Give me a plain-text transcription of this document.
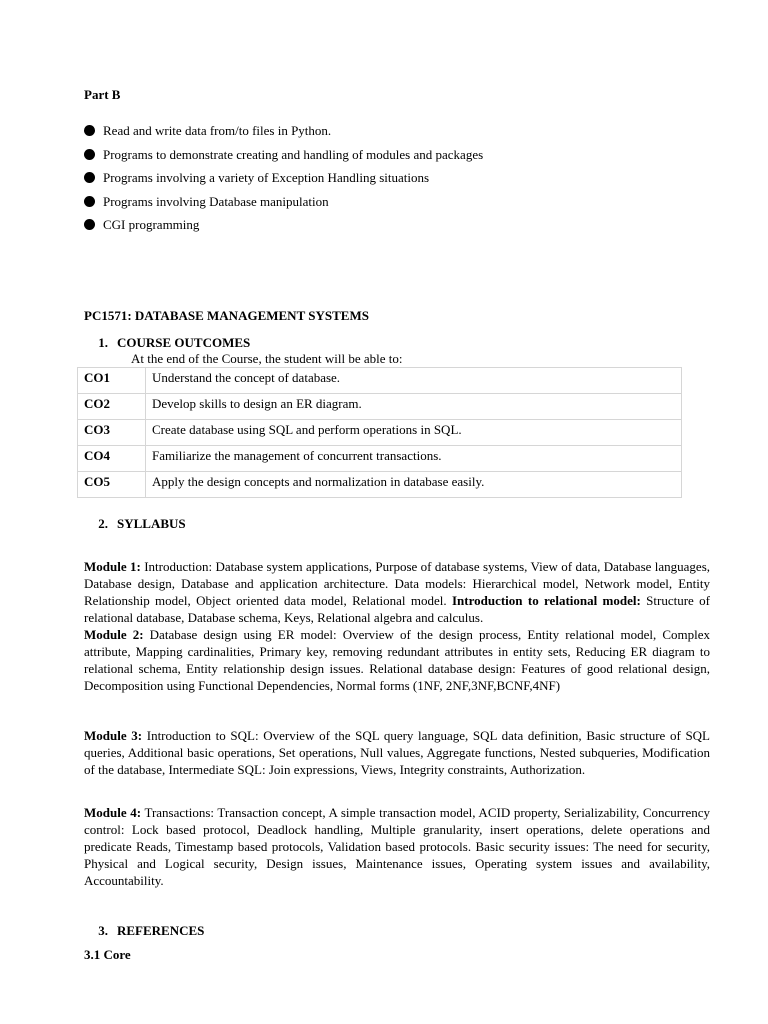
Part B
Read and write data from/to files in Python.
Programs to demonstrate creating and handling of modules and packages
Programs involving a variety of Exception Handling situations
Programs involving Database manipulation
CGI programming
PC1571: DATABASE MANAGEMENT SYSTEMS
1. COURSE OUTCOMES
At the end of the Course, the student will be able to:
CO1	Understand the concept of database.
CO2	Develop skills to design an ER diagram.
CO3	Create database using SQL and perform operations in SQL.
CO4	Familiarize the management of concurrent transactions.
CO5	Apply the design concepts and normalization in database easily.
2. SYLLABUS
Module 1: Introduction: Database system applications, Purpose of database systems, View of data, Database languages, Database design, Database and application architecture. Data models: Hierarchical model, Network model, Entity Relationship model, Object oriented data model, Relational model. Introduction to relational model: Structure of relational database, Database schema, Keys, Relational algebra and calculus.
Module 2: Database design using ER model: Overview of the design process, Entity relational model, Complex attribute, Mapping cardinalities, Primary key, removing redundant attributes in entity sets, Reducing ER diagram to relational schema, Entity relationship design issues. Relational database design: Features of good relational design, Decomposition using Functional Dependencies, Normal forms (1NF, 2NF,3NF,BCNF,4NF)
Module 3: Introduction to SQL: Overview of the SQL query language, SQL data definition, Basic structure of SQL queries, Additional basic operations, Set operations, Null values, Aggregate functions, Nested subqueries, Modification of the database, Intermediate SQL: Join expressions, Views, Integrity constraints, Authorization.
Module 4: Transactions: Transaction concept, A simple transaction model, ACID property, Serializability, Concurrency control: Lock based protocol, Deadlock handling, Multiple granularity, insert operations, delete operations and predicate Reads, Timestamp based protocols, Validation based protocols. Basic security issues: The need for security, Physical and Logical security, Design issues, Maintenance issues, Operating system issues and availability, Accountability.
3. REFERENCES
3.1 Core
